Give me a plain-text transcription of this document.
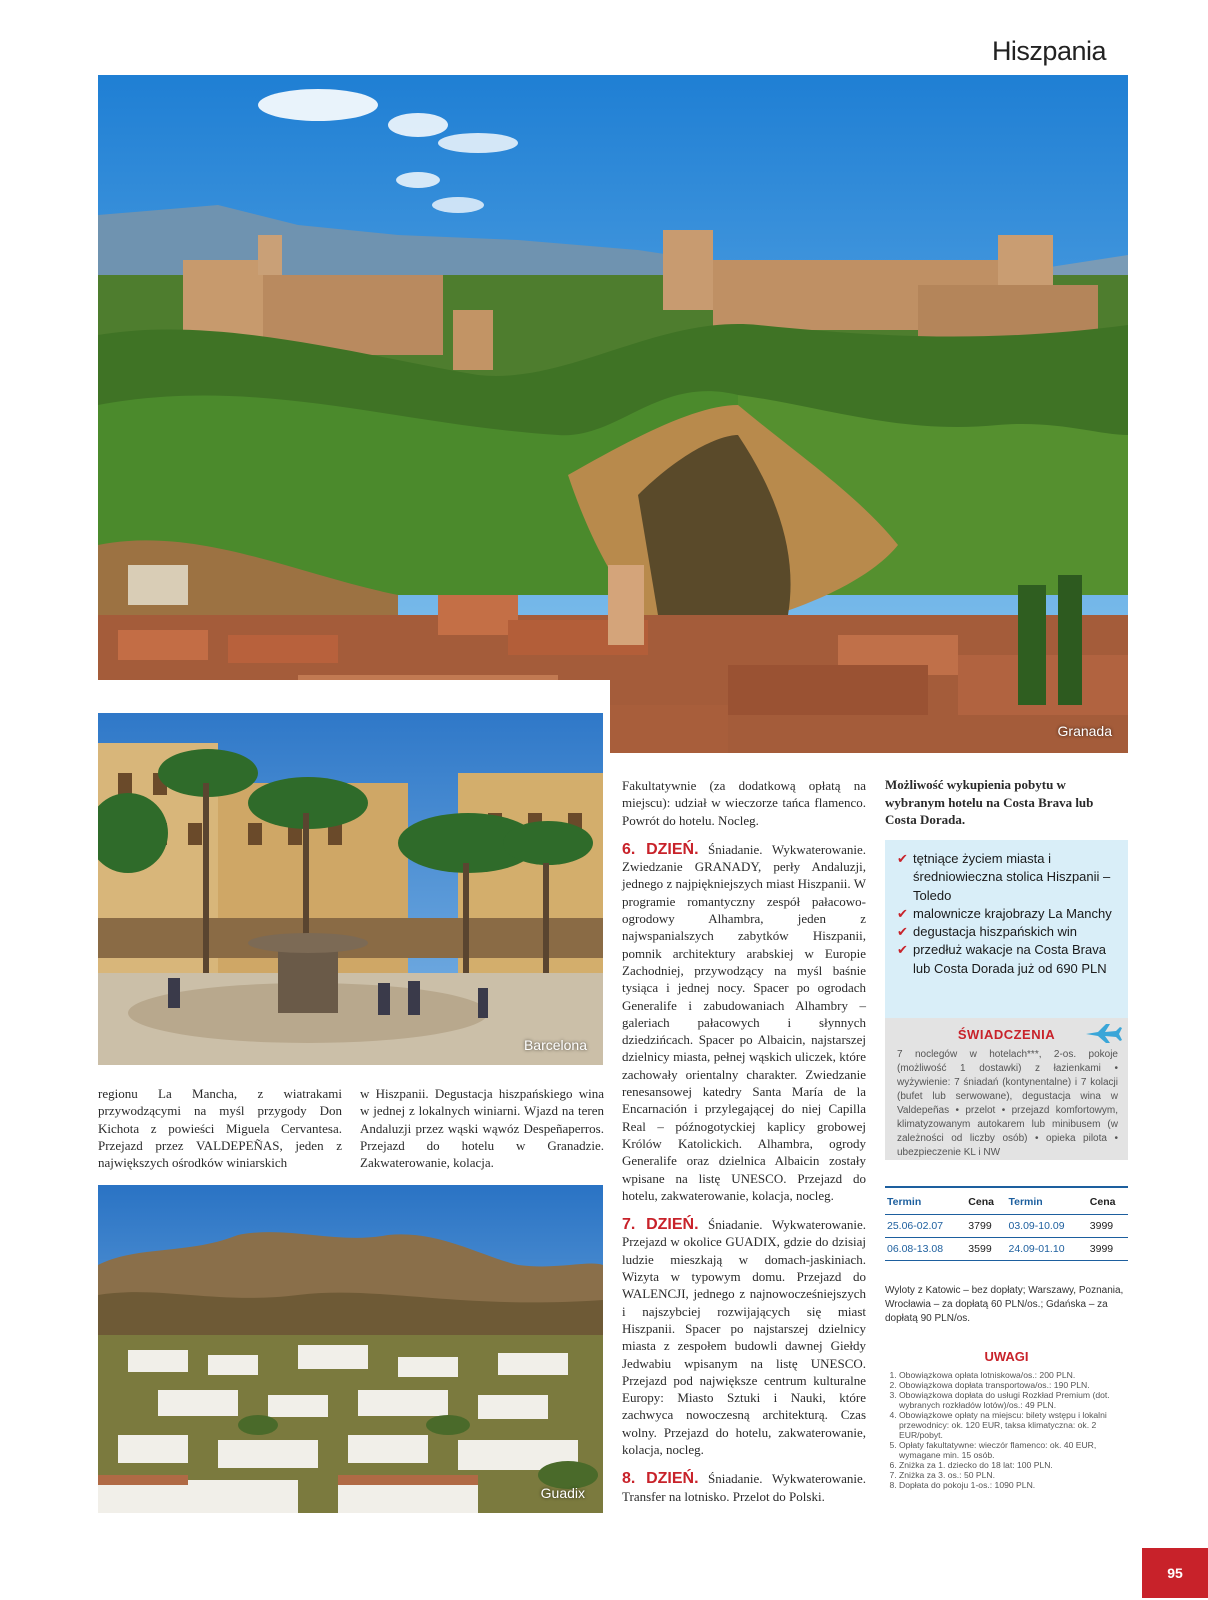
Hiszpania
Granada
Barcelona

regionu La Mancha, z wiatrakami przywodzącymi na myśl przygody Don Kichota z powieści Miguela Cervantesa. Przejazd przez VALDEPEÑAS, jeden z największych ośrodków winiarskich

w Hiszpanii. Degustacja hiszpańskiego wina w jednej z lokalnych winiarni. Wjazd na teren Andaluzji przez wąski wąwóz Despeñaperros. Przejazd do hotelu w Granadzie. Zakwaterowanie, kolacja.

Guadix

Fakultatywnie (za dodatkową opłatą na miejscu): udział w wieczorze tańca flamenco. Powrót do hotelu. Nocleg.

6. DZIEŃ. Śniadanie. Wykwaterowanie. Zwiedzanie GRANADY, perły Andaluzji, jednego z najpiękniejszych miast Hiszpanii. W programie romantyczny zespół pałacowo-ogrodowy Alhambra, jeden z najwspanialszych zabytków Hiszpanii, pomnik architektury arabskiej w Europie Zachodniej, przywodzący na myśl baśnie tysiąca i jednej nocy. Spacer po ogrodach Generalife i zabudowaniach Alhambry – galeriach pałacowych i słynnych dziedzińcach. Spacer po Albaicin, najstarszej dzielnicy miasta, pełnej wąskich uliczek, które zachowały orientalny charakter. Zwiedzanie renesansowej katedry Santa María de la Encarnación i przylegającej do niej Capilla Real – późnogotyckiej kaplicy grobowej Królów Katolickich. Alhambra, ogrody Generalife oraz dzielnica Albaicin zostały wpisane na listę UNESCO. Przejazd do hotelu, zakwaterowanie, kolacja, nocleg.

7. DZIEŃ. Śniadanie. Wykwaterowanie. Przejazd w okolice GUADIX, gdzie do dzisiaj ludzie mieszkają w domach-jaskiniach. Wizyta w typowym domu. Przejazd do WALENCJI, jednego z najnowocześniejszych i najszybciej rozwijających się miast Hiszpanii. Spacer po najstarszej dzielnicy miasta z zespołem budowli dawnej Giełdy Jedwabiu wpisanym na listę UNESCO. Przejazd pod największe centrum kulturalne Europy: Miasto Sztuki i Nauki, które zachwyca nowoczesną architekturą. Czas wolny. Przejazd do hotelu, zakwaterowanie, kolacja, nocleg.

8. DZIEŃ. Śniadanie. Wykwaterowanie. Transfer na lotnisko. Przelot do Polski.

Możliwość wykupienia pobytu w wybranym hotelu na Costa Brava lub Costa Dorada.

✔ tętniące życiem miasta i średniowieczna stolica Hiszpanii – Toledo
✔ malownicze krajobrazy La Manchy
✔ degustacja hiszpańskich win
✔ przedłuż wakacje na Costa Brava lub Costa Dorada już od 690 PLN
ŚWIADCZENIA

7 noclegów w hotelach***, 2-os. pokoje (możliwość 1 dostawki) z łazienkami • wyżywienie: 7 śniadań (kontynentalne) i 7 kolacji (bufet lub serwowane), degustacja wina w Valdepeñas • przelot • przejazd komfortowym, klimatyzowanym autokarem lub minibusem (w zależności od liczby osób) • opieka pilota • ubezpieczenie KL i NW

Termin	Cena	Termin	Cena
25.06-02.07	3799	03.09-10.09	3999
06.08-13.08	3599	24.09-01.10	3999
Wyloty z Katowic – bez dopłaty; Warszawy, Poznania, Wrocławia – za dopłatą 60 PLN/os.; Gdańska – za dopłatą 90 PLN/os.
UWAGI
1. Obowiązkowa opłata lotniskowa/os.: 200 PLN.
2. Obowiązkowa dopłata transportowa/os.: 190 PLN.
3. Obowiązkowa dopłata do usługi Rozkład Premium (dot. wybranych rozkładów lotów)/os.: 49 PLN.
4. Obowiązkowe opłaty na miejscu: bilety wstępu i lokalni przewodnicy: ok. 120 EUR, taksa klimatyczna: ok. 2 EUR/pobyt.
5. Opłaty fakultatywne: wieczór flamenco: ok. 40 EUR, wymagane min. 15 osób.
6. Zniżka za 1. dziecko do 18 lat: 100 PLN.
7. Zniżka za 3. os.: 50 PLN.
8. Dopłata do pokoju 1-os.: 1090 PLN.
95
